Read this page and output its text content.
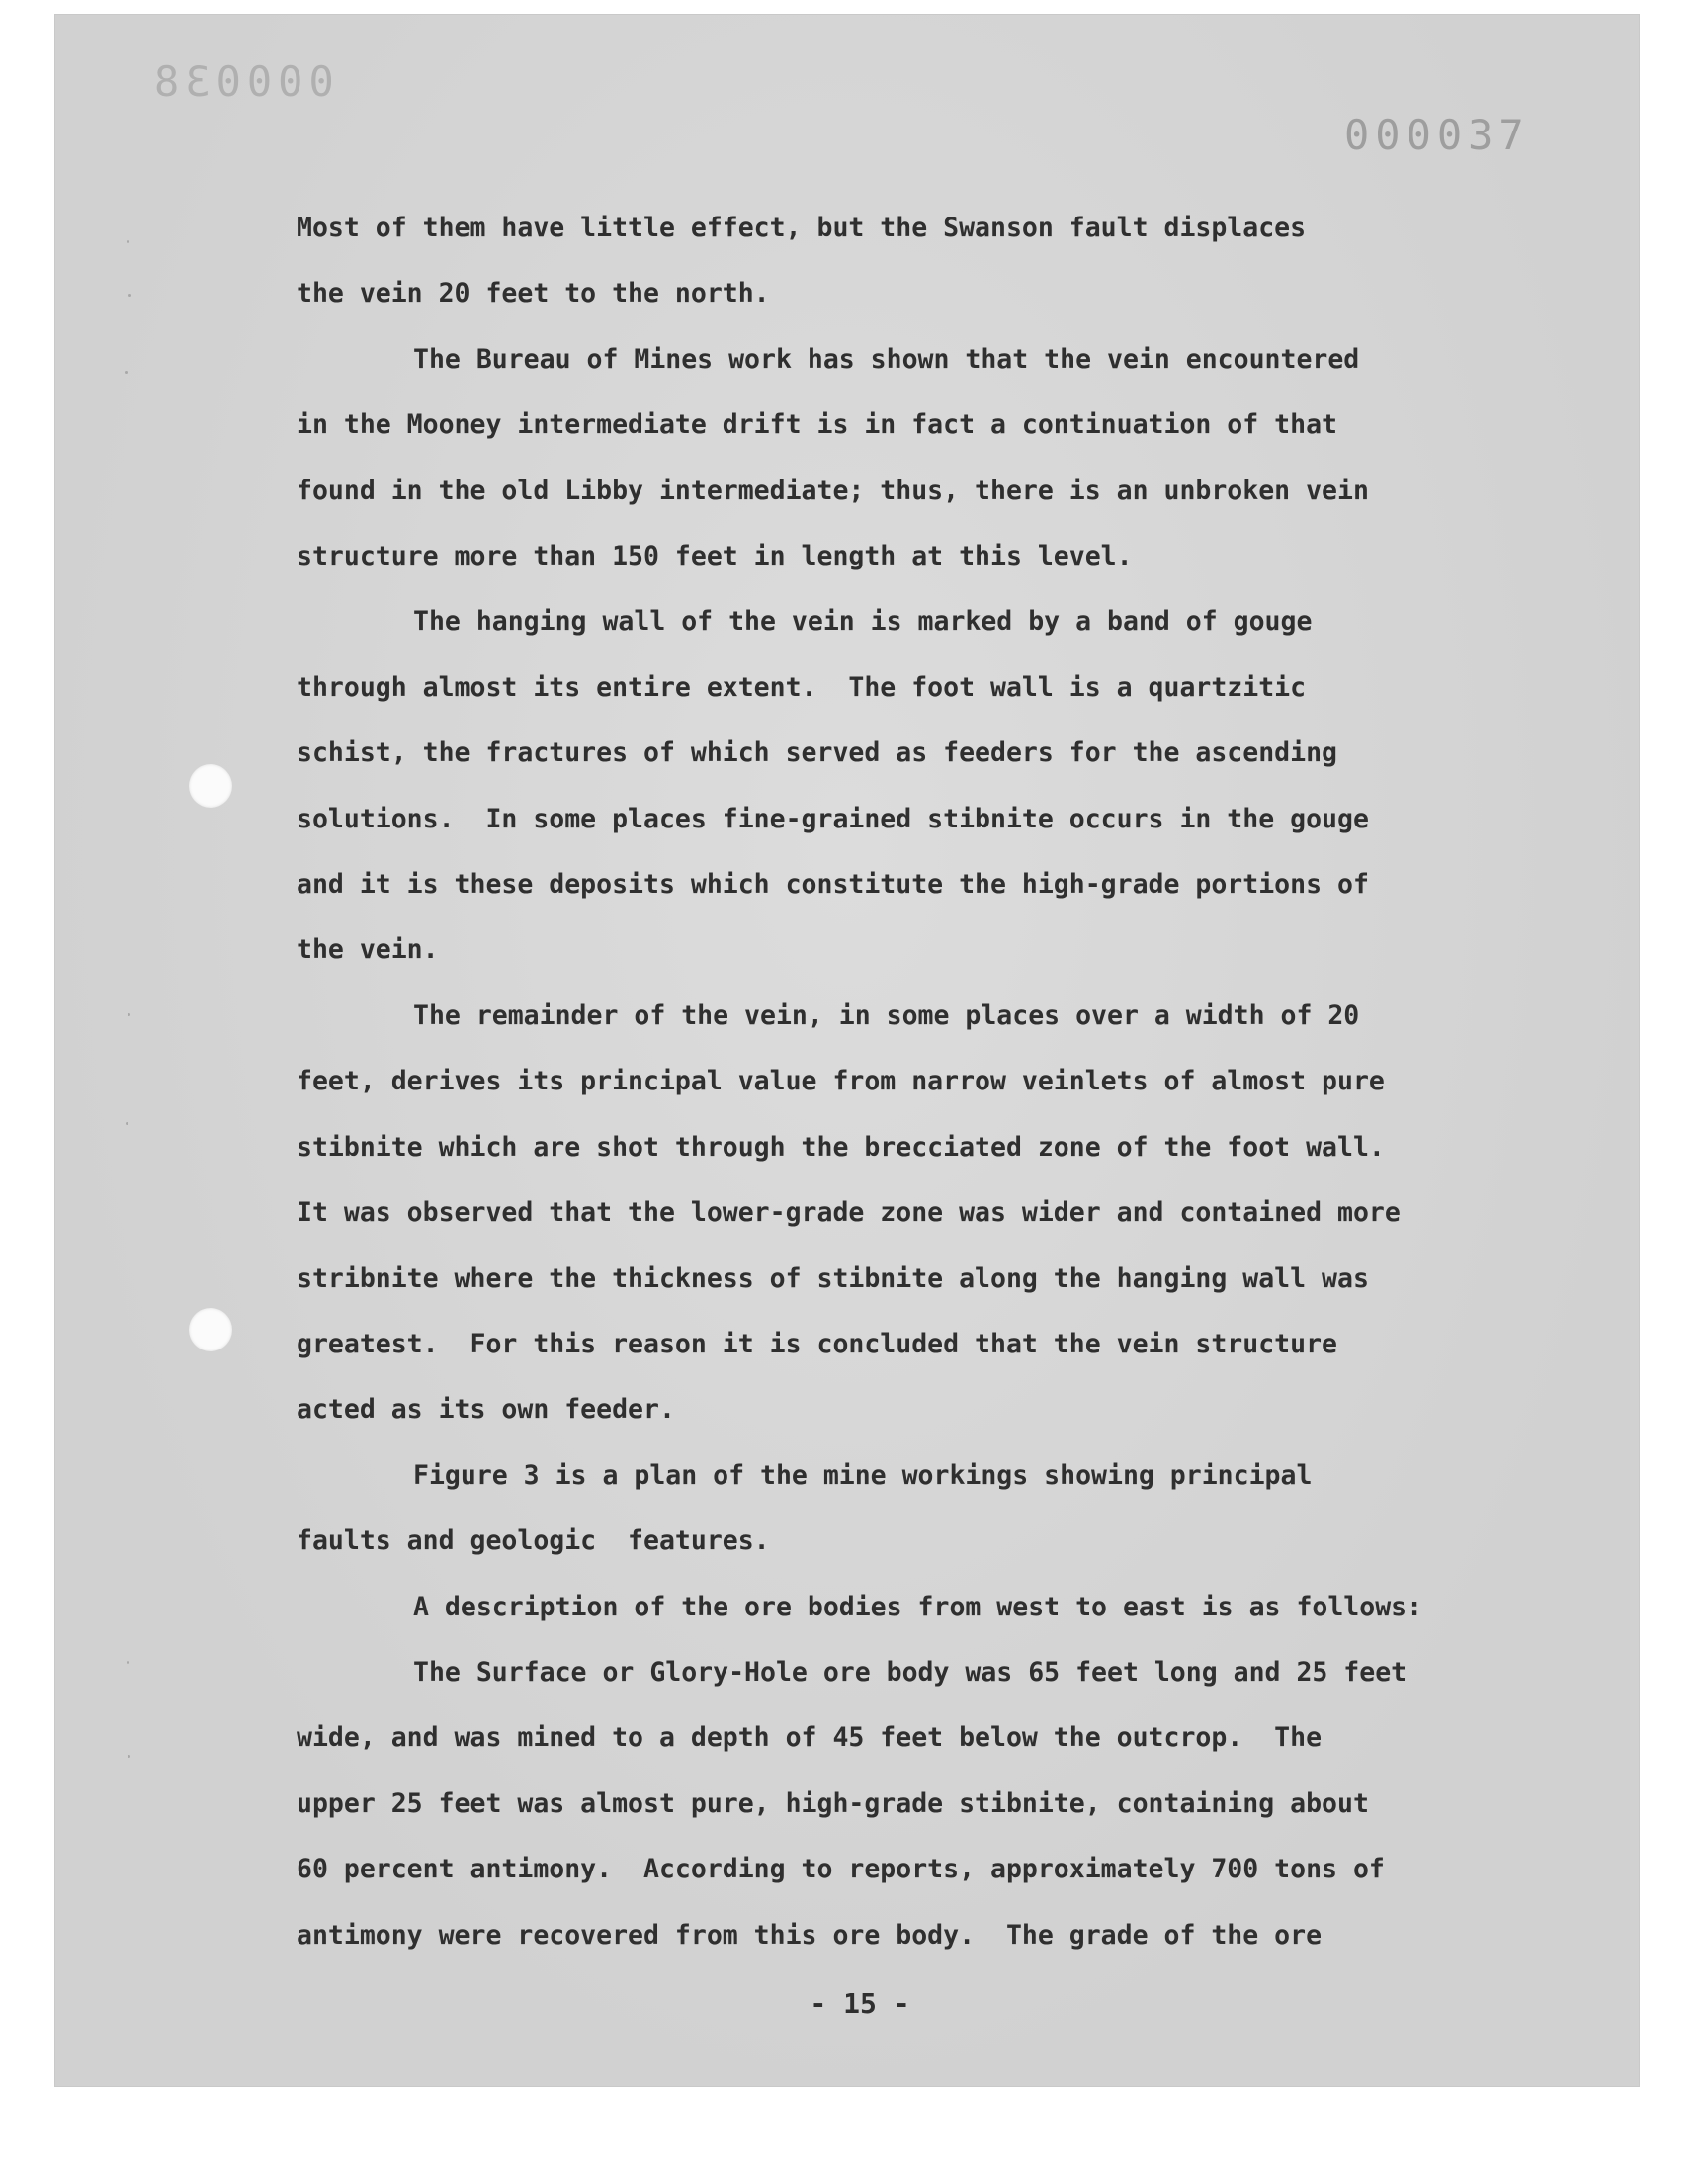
000038
000037
Most of them have little effect, but the Swanson fault displaces
the vein 20 feet to the north.
The Bureau of Mines work has shown that the vein encountered
in the Mooney intermediate drift is in fact a continuation of that
found in the old Libby intermediate; thus, there is an unbroken vein
structure more than 150 feet in length at this level.
The hanging wall of the vein is marked by a band of gouge
through almost its entire extent.  The foot wall is a quartzitic
schist, the fractures of which served as feeders for the ascending
solutions.  In some places fine-grained stibnite occurs in the gouge
and it is these deposits which constitute the high-grade portions of
the vein.
The remainder of the vein, in some places over a width of 20
feet, derives its principal value from narrow veinlets of almost pure
stibnite which are shot through the brecciated zone of the foot wall.
It was observed that the lower-grade zone was wider and contained more
stribnite where the thickness of stibnite along the hanging wall was
greatest.  For this reason it is concluded that the vein structure
acted as its own feeder.
Figure 3 is a plan of the mine workings showing principal
faults and geologic  features.
A description of the ore bodies from west to east is as follows:
The Surface or Glory-Hole ore body was 65 feet long and 25 feet
wide, and was mined to a depth of 45 feet below the outcrop.  The
upper 25 feet was almost pure, high-grade stibnite, containing about
60 percent antimony.  According to reports, approximately 700 tons of
antimony were recovered from this ore body.  The grade of the ore
- 15 -
